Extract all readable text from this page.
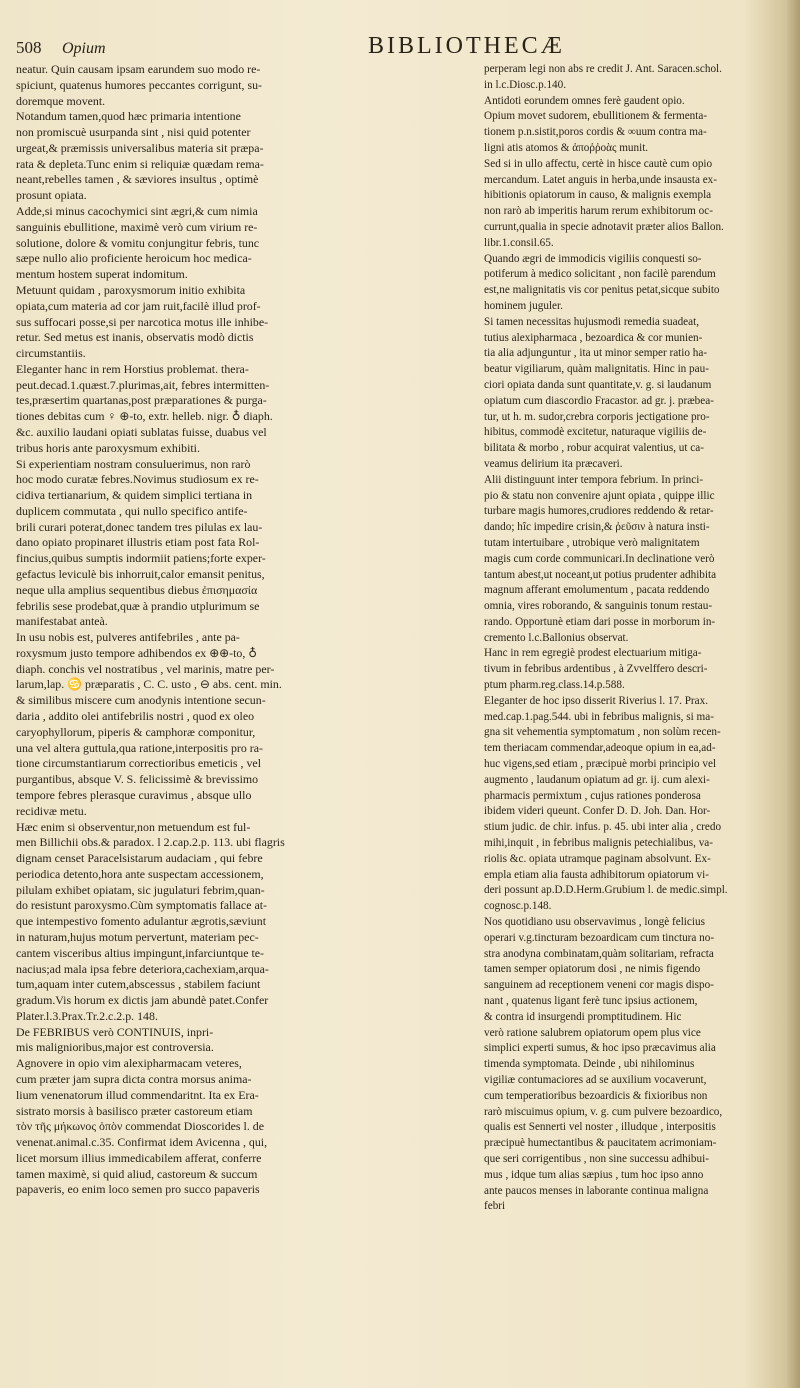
508 Opium	BIBLIOTHECÆ
neatur. Quin causam ipsam earundem suo modo re-
spiciunt, quatenus humores peccantes corrigunt, su-
doremque movent.
Notandum tamen,quod hæc primaria intentione
non promiscuè usurpanda sint , nisi quid potenter
urgeat,& præmissis universalibus materia sit præpa-
rata & depleta.Tunc enim si reliquiæ quædam rema-
neant,rebelles tamen , & sæviores insultus , optimè
prosunt opiata.
Adde,si minus cacochymici sint ægri,& cum nimia
sanguinis ebullitione, maximè verò cum virium re-
solutione, dolore & vomitu conjungitur febris, tunc
sæpe nullo alio proficiente heroicum hoc medica-
mentum hostem superat indomitum.
Metuunt quidam , paroxysmorum initio exhibita
opiata,cum materia ad cor jam ruit,facilè illud prof-
sus suffocari posse,si per narcotica motus ille inhibe-
retur. Sed metus est inanis, observatis modò dictis
circumstantiis.
Eleganter hanc in rem Horstius problemat. thera-
peut.decad.1.quæst.7.plurimas,ait, febres intermitten-
tes,præsertim quartanas,post præparationes & purga-
tiones debitas cum ♀ ⊕-to, extr. helleb. nigr. ♁ diaph.
&c. auxilio laudani opiati sublatas fuisse, duabus vel
tribus horis ante paroxysmum exhibiti.
Si experientiam nostram consuluerimus, non rarò
hoc modo curatæ febres.Novimus studiosum ex re-
cidiva tertianarium, & quidem simplici tertiana in
duplicem commutata , qui nullo specifico antife-
brili curari poterat,donec tandem tres pilulas ex lau-
dano opiato propinaret illustris etiam post fata Rol-
fincius,quibus sumptis indormiit patiens;forte exper-
gefactus leviculè bis inhorruit,calor emansit penitus,
neque ulla amplius sequentibus diebus ἐπισημασία
febrilis sese prodebat,quæ à prandio utplurimum se
manifestabat anteà.
In usu nobis est, pulveres antifebriles , ante pa-
roxysmum justo tempore adhibendos ex ⊕⊕-to, ♁
diaph. conchis vel nostratibus , vel marinis, matre per-
larum,lap. ♋ præparatis , C. C. usto , ⊖ abs. cent. min.
& similibus miscere cum anodynis intentione secun-
daria , addito olei antifebrilis nostri , quod ex oleo
caryophyllorum, piperis & camphoræ componitur,
una vel altera guttula,qua ratione,interpositis pro ra-
tione circumstantiarum correctioribus emeticis , vel
purgantibus, absque V. S. felicissimè & brevissimo
tempore febres plerasque curavimus , absque ullo
recidivæ metu.
Hæc enim si observentur,non metuendum est ful-
men Billichii obs.& paradox. l 2.cap.2.p. 113. ubi flagris
dignam censet Paracelsistarum audaciam , qui febre
periodica detento,hora ante suspectam accessionem,
pilulam exhibet opiatam, sic jugulaturi febrim,quan-
do resistunt paroxysmo.Cùm symptomatis fallace at-
que intempestivo fomento adulantur ægrotis,sæviunt
in naturam,hujus motum pervertunt, materiam pec-
cantem visceribus altius impingunt,infarciuntque te-
nacius;ad mala ipsa febre deteriora,cachexiam,arqua-
tum,aquam inter cutem,abscessus , stabilem faciunt
gradum.Vis horum ex dictis jam abundè patet.Confer
Plater.l.3.Prax.Tr.2.c.2.p. 148.
De FEBRIBUS verò CONTINUIS, inpri-
mis malignioribus,major est controversia.
Agnovere in opio vim alexipharmacam veteres,
cum præter jam supra dicta contra morsus anima-
lium venenatorum illud commendaritnt. Ita ex Era-
sistrato morsis à basilisco præter castoreum etiam
τὸν τῆς μήκωνος ὀπὸν commendat Dioscorides l. de
venenat.animal.c.35. Confirmat idem Avicenna , qui,
licet morsum illius immedicabilem afferat, conferre
tamen maximè, si quid aliud, castoreum & succum
papaveris, eo enim loco semen pro succo papaveris
perperam legi non abs re credit J. Ant. Saracen.schol.
in l.c.Diosc.p.140.
Antidoti eorundem omnes ferè gaudent opio.
Opium movet sudorem, ebullitionem & fermenta-
tionem p.n.sistit,poros cordis & ∞uum contra ma-
ligni atis atomos & ἀποῤῥοὰς munit.
Sed si in ullo affectu, certè in hisce cautè cum opio
mercandum. Latet anguis in herba,unde insausta ex-
hibitionis opiatorum in causo, & malignis exempla
non rarò ab imperitis harum rerum exhibitorum oc-
currunt,qualia in specie adnotavit præter alios Ballon.
libr.1.consil.65.
Quando ægri de immodicis vigiliis conquesti so-
potiferum à medico solicitant , non facilè parendum
est,ne malignitatis vis cor penitus petat,sicque subito
hominem juguler.
Si tamen necessitas hujusmodi remedia suadeat,
tutius alexipharmaca , bezoardica & cor munien-
tia alia adjunguntur , ita ut minor semper ratio ha-
beatur vigiliarum, quàm malignitatis. Hinc in pau-
ciori opiata danda sunt quantitate,v. g. si laudanum
opiatum cum diascordio Fracastor. ad gr. j. præbea-
tur, ut h. m. sudor,crebra corporis jectigatione pro-
hibitus, commodè excitetur, naturaque vigiliis de-
bilitata & morbo , robur acquirat valentius, ut ca-
veamus delirium ita præcaveri.
Alii distinguunt inter tempora febrium. In princi-
pio & statu non convenire ajunt opiata , quippe illic
turbare magis humores,crudiores reddendo & retar-
dando; hîc impedire crisin,& ῥεῦσιν à natura insti-
tutam intertuibare , utrobique verò malignitatem
magis cum corde communicari.In declinatione verò
tantum abest,ut noceant,ut potius prudenter adhibita
magnum afferant emolumentum , pacata reddendo
omnia, vires roborando, & sanguinis tonum restau-
rando. Opportunè etiam dari posse in morborum in-
cremento l.c.Ballonius observat.
Hanc in rem egregiè prodest electuarium mitiga-
tivum in febribus ardentibus , à Zvvelffero descri-
ptum pharm.reg.class.14.p.588.
Eleganter de hoc ipso disserit Riverius l. 17. Prax.
med.cap.1.pag.544. ubi in febribus malignis, si ma-
gna sit vehementia symptomatum , non solùm recen-
tem theriacam commendar,adeoque opium in ea,ad-
huc vigens,sed etiam , præcipuè morbi principio vel
augmento , laudanum opiatum ad gr. ij. cum alexi-
pharmacis permixtum , cujus rationes ponderosa
ibidem videri queunt. Confer D. D. Joh. Dan. Hor-
stium judic. de chir. infus. p. 45. ubi inter alia , credo
mihi,inquit , in febribus malignis petechialibus, va-
riolis &c. opiata utramque paginam absolvunt. Ex-
empla etiam alia fausta adhibitorum opiatorum vi-
deri possunt ap.D.D.Herm.Grubium l. de medic.simpl.
cognosc.p.148.
Nos quotidiano usu observavimus , longè felicius
operari v.g.tincturam bezoardicam cum tinctura no-
stra anodyna combinatam,quàm solitariam, refracta
tamen semper opiatorum dosi , ne nimis figendo
sanguinem ad receptionem veneni cor magis dispo-
nant , quatenus ligant ferè tunc ipsius actionem,
& contra id insurgendi promptitudinem. Hic
verò ratione salubrem opiatorum opem plus vice
simplici experti sumus, & hoc ipso præcavimus alia
timenda symptomata. Deinde , ubi nihilominus
vigiliæ contumaciores ad se auxilium vocaverunt,
cum temperatioribus bezoardicis & fixioribus non
rarò miscuimus opium, v. g. cum pulvere bezoardico,
qualis est Sennerti vel noster , illudque , interpositis
præcipuè humectantibus & paucitatem acrimoniam-
que seri corrigentibus , non sine successu adhibui-
mus , idque tum alias sæpius , tum hoc ipso anno
ante paucos menses in laborante continua maligna
febri
